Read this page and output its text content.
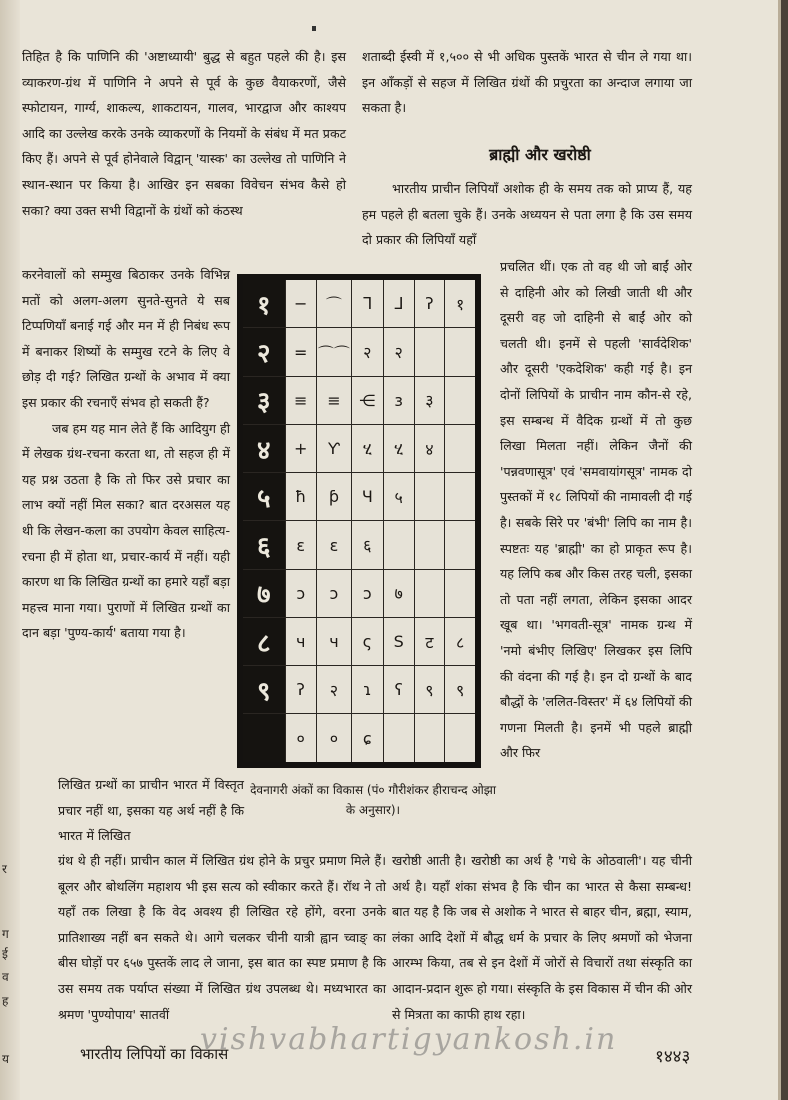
तिहित है कि पाणिनि की 'अष्टाध्यायी' बुद्ध से बहुत पहले की है। इस व्याकरण-ग्रंथ में पाणिनि ने अपने से पूर्व के कुछ वैयाकरणों, जैसे स्फोटायन, गार्ग्य, शाकल्य, शाकटायन, गालव, भारद्वाज और काश्यप आदि का उल्लेख करके उनके व्याकरणों के नियमों के संबंध में मत प्रकट किए हैं। अपने से पूर्व होनेवाले विद्वान् 'यास्क' का उल्लेख तो पाणिनि ने स्थान-स्थान पर किया है। आखिर इन सबका विवेचन संभव कैसे हो सका? क्या उक्त सभी विद्वानों के ग्रंथों को कंठस्थ

करनेवालों को सम्मुख बिठाकर उनके विभिन्न मतों को अलग-अलग सुनते-सुनते ये सब टिप्पणियाँ बनाई गई और मन में ही निबंध रूप में बनाकर शिष्यों के सम्मुख रटने के लिए वे छोड़ दी गई? लिखित ग्रन्थों के अभाव में क्या इस प्रकार की रचनाएँ संभव हो सकती हैं?

जब हम यह मान लेते हैं कि आदियुग ही में लेखक ग्रंथ-रचना करता था, तो सहज ही में यह प्रश्न उठता है कि तो फिर उसे प्रचार का लाभ क्यों नहीं मिल सका? बात दरअसल यह थी कि लेखन-कला का उपयोग केवल साहित्य-रचना ही में होता था, प्रचार-कार्य में नहीं। यही कारण था कि लिखित ग्रन्थों का हमारे यहाँ बड़ा महत्त्व माना गया। पुराणों में लिखित ग्रन्थों का दान बड़ा 'पुण्य-कार्य' बताया गया है।

लिखित ग्रन्थों का प्राचीन भारत में विस्तृत प्रचार नहीं था, इसका यह अर्थ नहीं है कि भारत में लिखित

ग्रंथ थे ही नहीं। प्राचीन काल में लिखित ग्रंथ होने के प्रचुर प्रमाण मिले हैं। बूलर और बोथलिंग महाशय भी इस सत्य को स्वीकार करते हैं। रॉथ ने तो यहाँ तक लिखा है कि वेद अवश्य ही लिखित रहे होंगे, वरना उनके प्रातिशाख्य नहीं बन सकते थे। आगे चलकर चीनी यात्री ह्वान च्वाङ् का बीस घोड़ों पर ६५७ पुस्तकें लाद ले जाना, इस बात का स्पष्ट प्रमाण है कि उस समय तक पर्याप्त संख्या में लिखित ग्रंथ उपलब्ध थे। मध्यभारत का श्रमण 'पुण्योपाय' सातवीं

शताब्दी ईस्वी में १,५०० से भी अधिक पुस्तकें भारत से चीन ले गया था। इन आँकड़ों से सहज में लिखित ग्रंथों की प्रचुरता का अन्दाज लगाया जा सकता है।

ब्राह्मी और खरोष्ठी

भारतीय प्राचीन लिपियाँ अशोक ही के समय तक को प्राप्य हैं, यह हम पहले ही बतला चुके हैं। उनके अध्ययन से पता लगा है कि उस समय दो प्रकार की लिपियाँ यहाँ

प्रचलित थीं। एक तो वह थी जो बाईं ओर से दाहिनी ओर को लिखी जाती थी और दूसरी वह जो दाहिनी से बाईं ओर को चलती थी। इनमें से पहली 'सार्वदेशिक' और दूसरी 'एकदेशिक' कही गई है। इन दोनों लिपियों के प्राचीन नाम कौन-से रहे, इस सम्बन्ध में वैदिक ग्रन्थों में तो कुछ लिखा मिलता नहीं। लेकिन जैनों की 'पन्नवणासूत्र' एवं 'समवायांगसूत्र' नामक दो पुस्तकों में १८ लिपियों की नामावली दी गई है। सबके सिरे पर 'बंभी' लिपि का नाम है। स्पष्टतः यह 'ब्राह्मी' का हो प्राकृत रूप है। यह लिपि कब और किस तरह चली, इसका तो पता नहीं लगता, लेकिन इसका आदर खूब था। 'भगवती-सूत्र' नामक ग्रन्थ में 'नमो बंभीए लिखिए' लिखकर इस लिपि की वंदना की गई है। इन दो ग्रन्थों के बाद बौद्धों के 'ललित-विस्तर' में ६४ लिपियों की गणना मिलती है। इनमें भी पहले ब्राह्मी और फिर

खरोष्ठी आती है। खरोष्ठी का अर्थ है 'गधे के ओठवाली'। यह चीनी अर्थ है। यहाँ शंका संभव है कि चीन का भारत से कैसा सम्बन्ध! बात यह है कि जब से अशोक ने भारत से बाहर चीन, ब्रह्मा, स्याम, लंका आदि देशों में बौद्ध धर्म के प्रचार के लिए श्रमणों को भेजना आरम्भ किया, तब से इन देशों में जोरों से विचारों तथा संस्कृति का आदान-प्रदान शुरू हो गया। संस्कृति के इस विकास में चीन की ओर से मित्रता का काफी हाथ रहा।

१	−	⌒	ᒣ	ᒧ	ʔ	१
२	=	⌒⌒	२	२		
३	≡	≡	⋲	ɜ	३	
४	+	Ƴ	ሂ	ሂ	४	
५	ħ	ƥ	Ч	५		
६	ɛ	ɛ	६			
७	ↄ	ↄ	ↄ	७		
८	ч	ч	ς	S	ट	८
९	ʔ	२	ɿ	ʕ	९	९
	०	०	ɕ			
देवनागरी अंकों का विकास (पं० गौरीशंकर हीराचन्द ओझा के अनुसार)।
vishvabhartigyankosh.in
भारतीय लिपियों का विकास	१४४३
र
ग
ई
व
ह
य
